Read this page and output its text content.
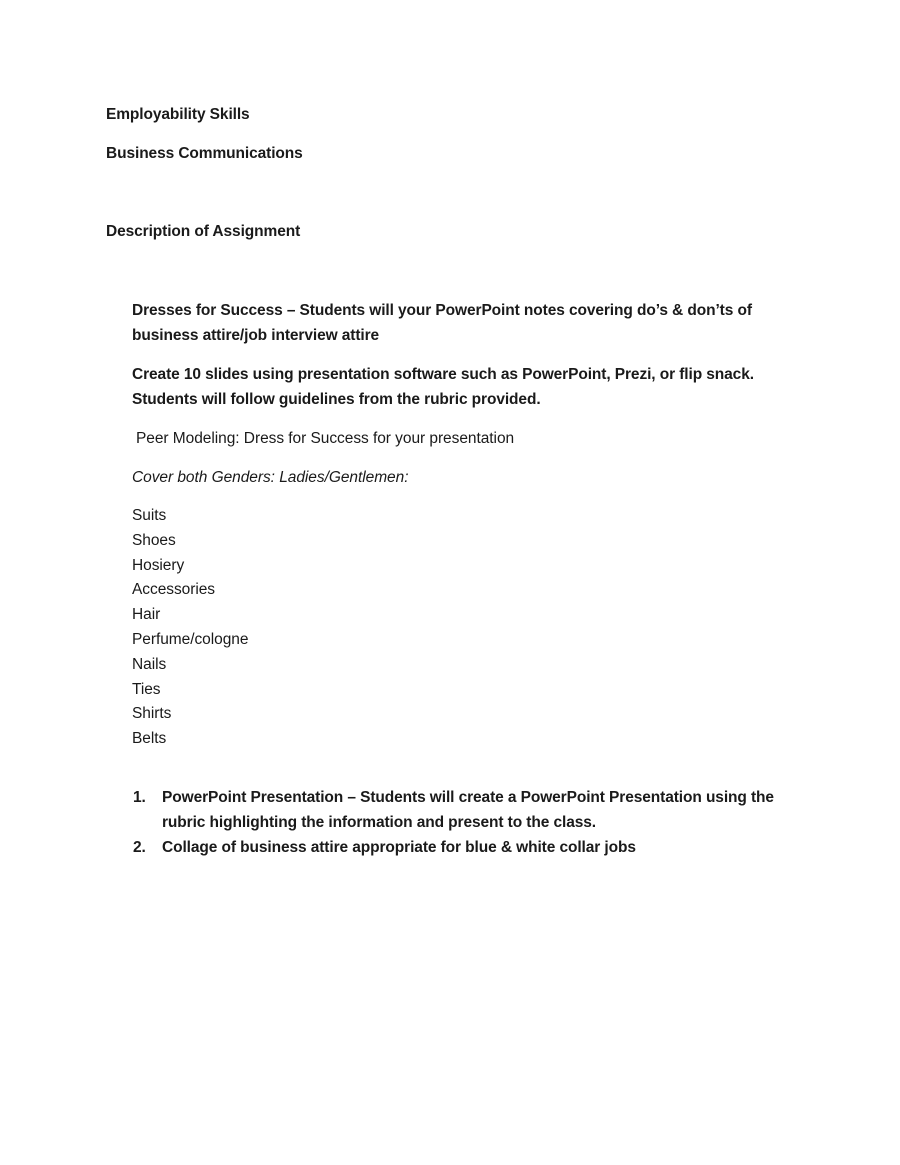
Employability Skills

Business Communications

Description of Assignment

Dresses for Success – Students will your PowerPoint notes covering do’s & don’ts of business attire/job interview attire

Create 10 slides using presentation software such as PowerPoint, Prezi, or flip snack. Students will follow guidelines from the rubric provided.

Peer Modeling: Dress for Success for your presentation

Cover both Genders: Ladies/Gentlemen:

Suits
Shoes
Hosiery
Accessories
Hair
Perfume/cologne
Nails
Ties
Shirts
Belts
1. PowerPoint Presentation – Students will create a PowerPoint Presentation using the rubric highlighting the information and present to the class.
2. Collage of business attire appropriate for blue & white collar jobs
